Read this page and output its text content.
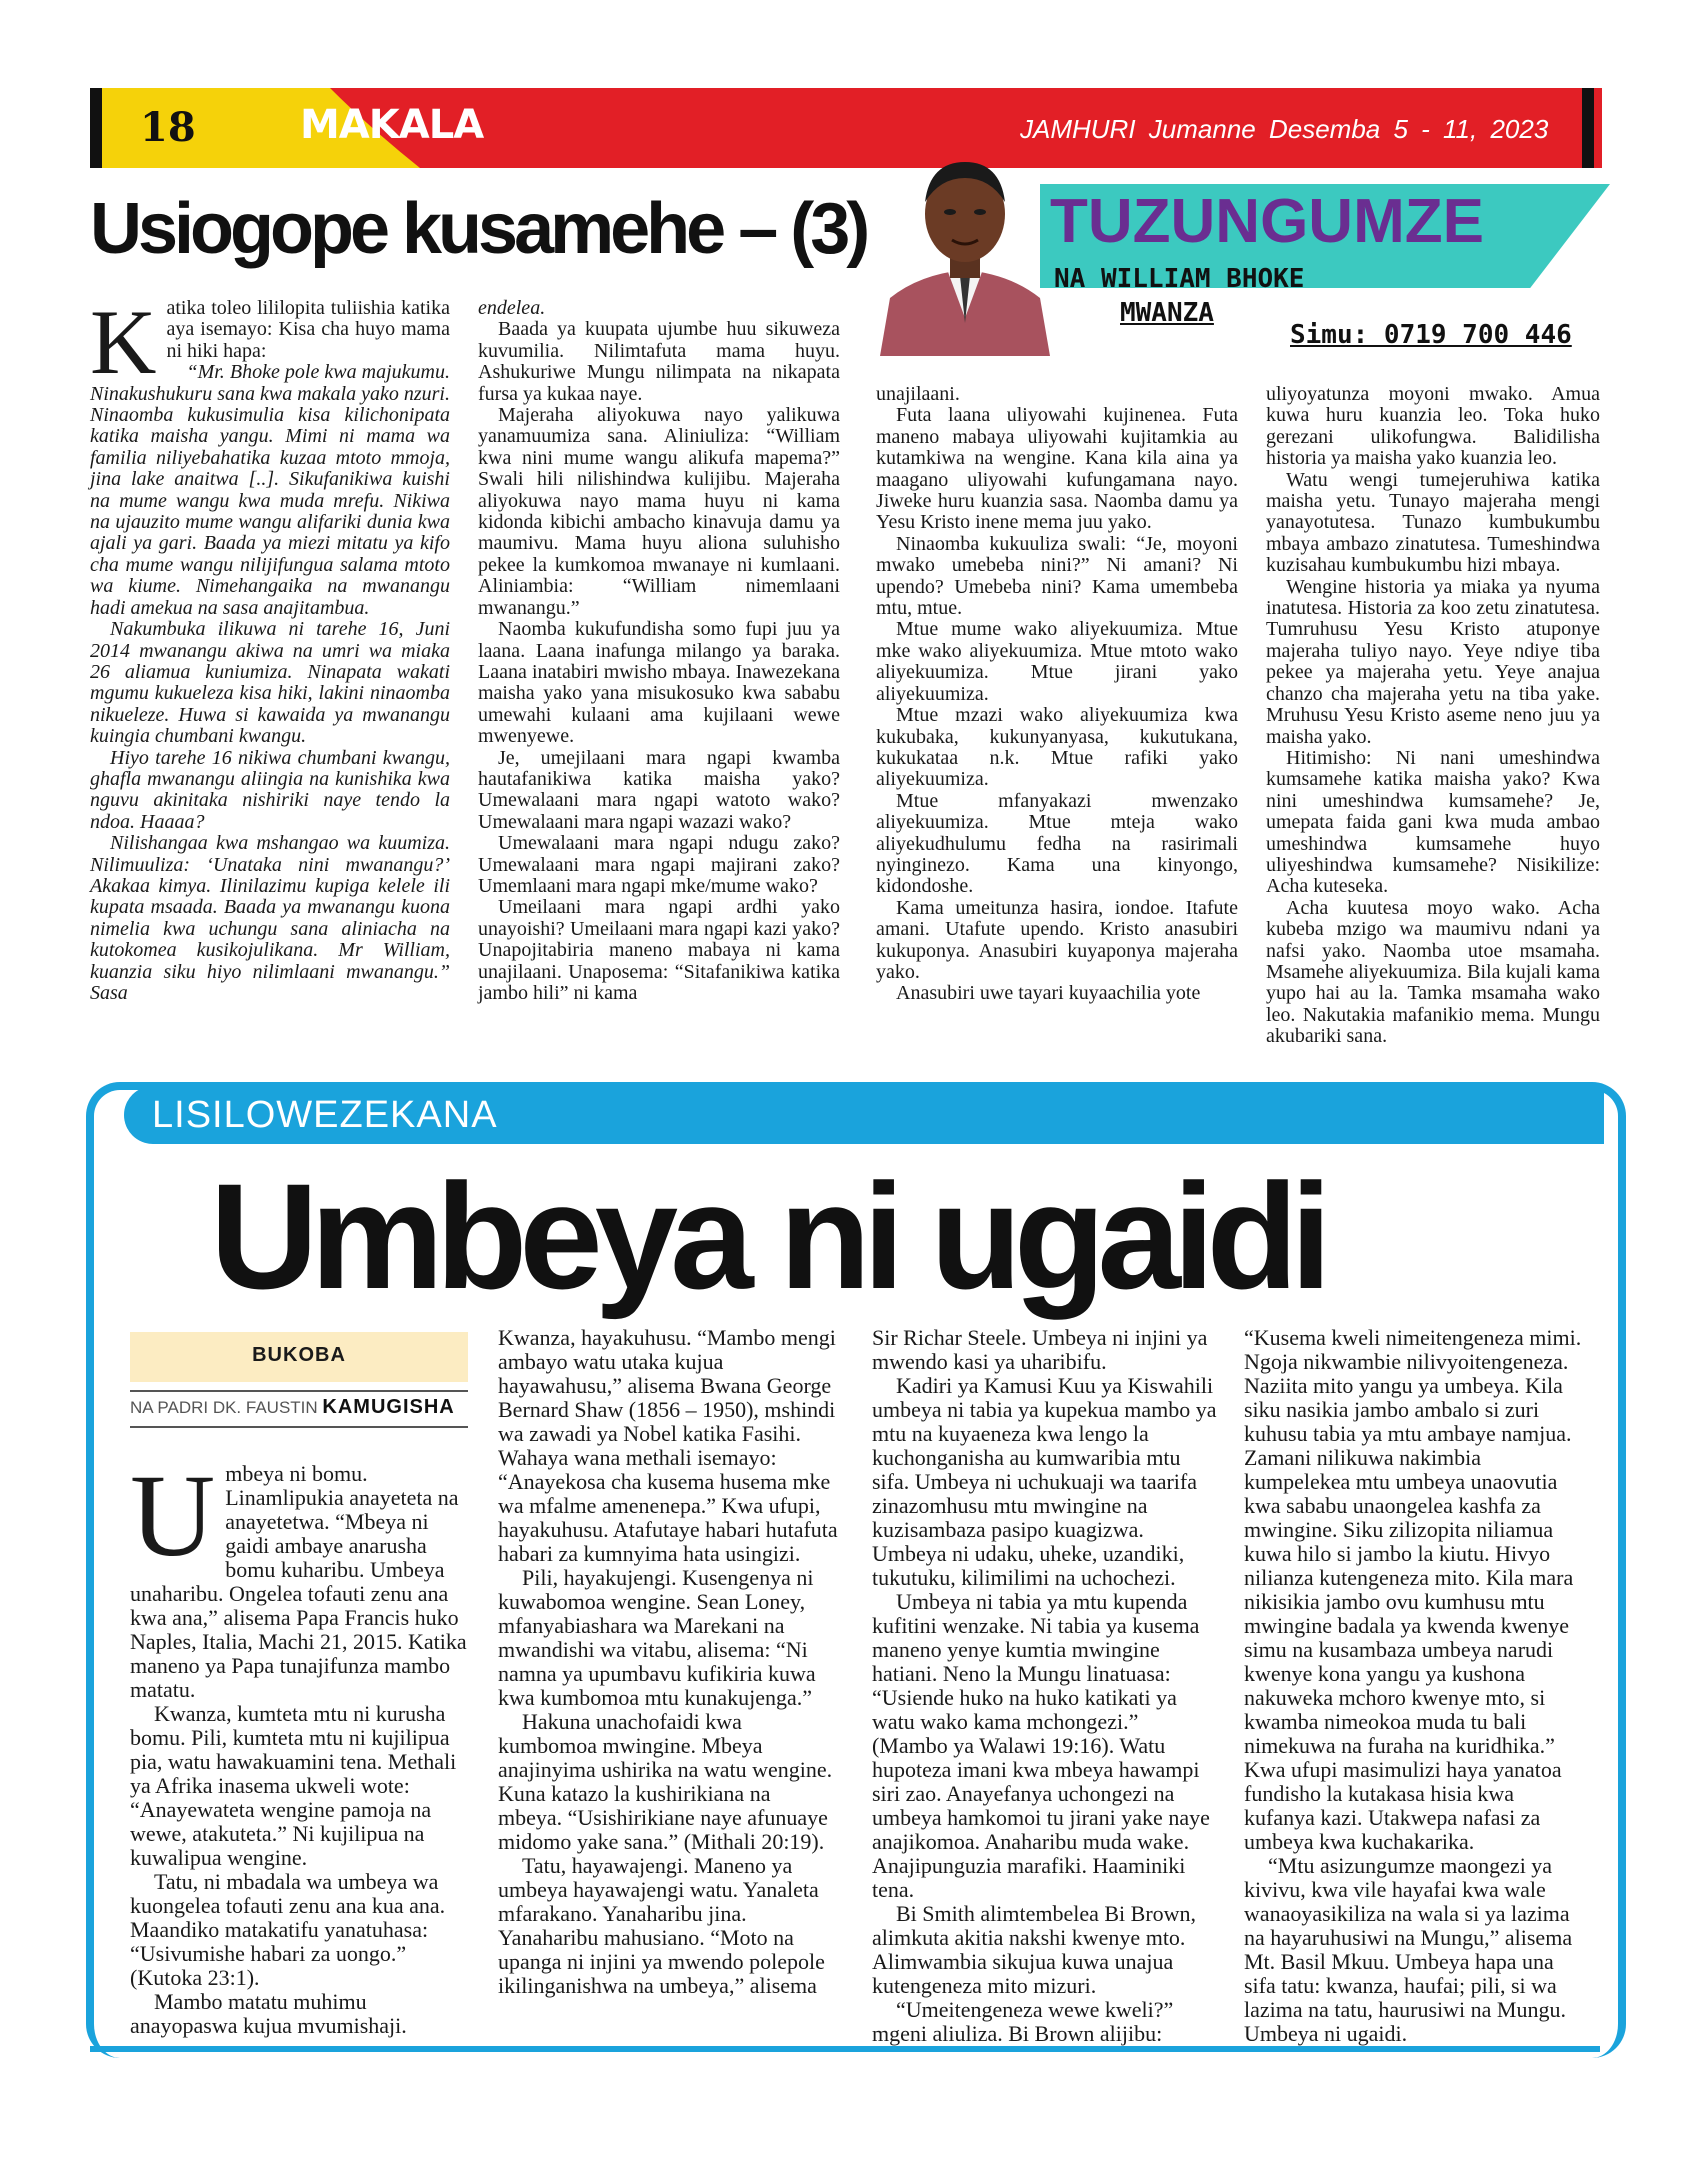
18	MAKALA	JAMHURI Jumanne Desemba 5 - 11, 2023
Usiogope kusamehe – (3)	TUZUNGUMZE
NA WILLIAM BHOKE
MWANZA
Simu: 0719 700 446
K atika toleo lililopita tuliishia katika aya isemayo: Kisa cha huyo mama ni hiki hapa:

“Mr. Bhoke pole kwa majukumu. Ninakushukuru sana kwa makala yako nzuri. Ninaomba kukusimulia kisa kilichonipata katika maisha yangu. Mimi ni mama wa familia niliyebahatika kuzaa mtoto mmoja, jina lake anaitwa [..]. Sikufanikiwa kuishi na mume wangu kwa muda mrefu. Nikiwa na ujauzito mume wangu alifariki dunia kwa ajali ya gari. Baada ya miezi mitatu ya kifo cha mume wangu nilijifungua salama mtoto wa kiume. Nimehangaika na mwanangu hadi amekua na sasa anajitambua.

Nakumbuka ilikuwa ni tarehe 16, Juni 2014 mwanangu akiwa na umri wa miaka 26 aliamua kuniumiza. Ninapata wakati mgumu kukueleza kisa hiki, lakini ninaomba nikueleze. Huwa si kawaida ya mwanangu kuingia chumbani kwangu.

Hiyo tarehe 16 nikiwa chumbani kwangu, ghafla mwanangu aliingia na kunishika kwa nguvu akinitaka nishiriki naye tendo la ndoa. Haaaa?

Nilishangaa kwa mshangao wa kuumiza. Nilimuuliza: ‘Unataka nini mwanangu?’ Akakaa kimya. Ilinilazimu kupiga kelele ili kupata msaada. Baada ya mwanangu kuona nimelia kwa uchungu sana aliniacha na kutokomea kusikojulikana. Mr William, kuanzia siku hiyo nilimlaani mwanangu.” Sasa

endelea.

Baada ya kuupata ujumbe huu sikuweza kuvumilia. Nilimtafuta mama huyu. Ashukuriwe Mungu nilimpata na nikapata fursa ya kukaa naye.

Majeraha aliyokuwa nayo yalikuwa yanamuumiza sana. Aliniuliza: “William kwa nini mume wangu alikufa mapema?” Swali hili nilishindwa kulijibu. Majeraha aliyokuwa nayo mama huyu ni kama kidonda kibichi ambacho kinavuja damu ya maumivu. Mama huyu aliona suluhisho pekee la kumkomoa mwanaye ni kumlaani. Aliniambia: “William nimemlaani mwanangu.”

Naomba kukufundisha somo fupi juu ya laana. Laana inafunga milango ya baraka. Laana inatabiri mwisho mbaya. Inawezekana maisha yako yana misukosuko kwa sababu umewahi kulaani ama kujilaani wewe mwenyewe.

Je, umejilaani mara ngapi kwamba hautafanikiwa katika maisha yako? Umewalaani mara ngapi watoto wako? Umewalaani mara ngapi wazazi wako?

Umewalaani mara ngapi ndugu zako? Umewalaani mara ngapi majirani zako? Umemlaani mara ngapi mke/mume wako?

Umeilaani mara ngapi ardhi yako unayoishi? Umeilaani mara ngapi kazi yako? Unapojitabiria maneno mabaya ni kama unajilaani. Unaposema: “Sitafanikiwa katika jambo hili” ni kama

unajilaani.

Futa laana uliyowahi kujinenea. Futa maneno mabaya uliyowahi kujitamkia au kutamkiwa na wengine. Kana kila aina ya maagano uliyowahi kufungamana nayo. Jiweke huru kuanzia sasa. Naomba damu ya Yesu Kristo inene mema juu yako.

Ninaomba kukuuliza swali: “Je, moyoni mwako umebeba nini?” Ni amani? Ni upendo? Umebeba nini? Kama umembeba mtu, mtue.

Mtue mume wako aliyekuumiza. Mtue mke wako aliyekuumiza. Mtue mtoto wako aliyekuumiza. Mtue jirani yako aliyekuumiza.

Mtue mzazi wako aliyekuumiza kwa kukubaka, kukunyanyasa, kukutukana, kukukataa n.k. Mtue rafiki yako aliyekuumiza.

Mtue mfanyakazi mwenzako aliyekuumiza. Mtue mteja wako aliyekudhulumu fedha na rasirimali nyinginezo. Kama una kinyongo, kidondoshe.

Kama umeitunza hasira, iondoe. Itafute amani. Utafute upendo. Kristo anasubiri kukuponya. Anasubiri kuyaponya majeraha yako.

Anasubiri uwe tayari kuyaachilia yote

uliyoyatunza moyoni mwako. Amua kuwa huru kuanzia leo. Toka huko gerezani ulikofungwa. Balidilisha historia ya maisha yako kuanzia leo.

Watu wengi tumejeruhiwa katika maisha yetu. Tunayo majeraha mengi yanayotutesa. Tunazo kumbukumbu mbaya ambazo zinatutesa. Tumeshindwa kuzisahau kumbukumbu hizi mbaya.

Wengine historia ya miaka ya nyuma inatutesa. Historia za koo zetu zinatutesa. Tumruhusu Yesu Kristo atuponye majeraha tuliyo nayo. Yeye ndiye tiba pekee ya majeraha yetu. Yeye anajua chanzo cha majeraha yetu na tiba yake. Mruhusu Yesu Kristo aseme neno juu ya maisha yako.

Hitimisho: Ni nani umeshindwa kumsamehe katika maisha yako? Kwa nini umeshindwa kumsamehe? Je, umepata faida gani kwa muda ambao umeshindwa kumsamehe huyo uliyeshindwa kumsamehe? Nisikilize: Acha kuteseka.

Acha kuutesa moyo wako. Acha kubeba mzigo wa maumivu ndani ya nafsi yako. Naomba utoe msamaha. Msamehe aliyekuumiza. Bila kujali kama yupo hai au la. Tamka msamaha wako leo. Nakutakia mafanikio mema. Mungu akubariki sana.

LISILOWEZEKANA
Umbeya ni ugaidi
BUKOBA
NA PADRI DK. FAUSTIN KAMUGISHA
U mbeya ni bomu. Linamlipukia anayeteta na anayetetwa. “Mbeya ni gaidi ambaye anarusha bomu kuharibu. Umbeya unaharibu. Ongelea tofauti zenu ana kwa ana,” alisema Papa Francis huko Naples, Italia, Machi 21, 2015. Katika maneno ya Papa tunajifunza mambo matatu.

Kwanza, kumteta mtu ni kurusha bomu. Pili, kumteta mtu ni kujilipua pia, watu hawakuamini tena. Methali ya Afrika inasema ukweli wote: “Anayewateta wengine pamoja na wewe, atakuteta.” Ni kujilipua na kuwalipua wengine.

Tatu, ni mbadala wa umbeya wa kuongelea tofauti zenu ana kua ana. Maandiko matakatifu yanatuhasa: “Usivumishe habari za uongo.” (Kutoka 23:1).

Mambo matatu muhimu anayopaswa kujua mvumishaji.

Kwanza, hayakuhusu. “Mambo mengi ambayo watu utaka kujua hayawahusu,” alisema Bwana George Bernard Shaw (1856 – 1950), mshindi wa zawadi ya Nobel katika Fasihi. Wahaya wana methali isemayo: “Anayekosa cha kusema husema mke wa mfalme amenenepa.” Kwa ufupi, hayakuhusu. Atafutaye habari hutafuta habari za kumnyima hata usingizi.

Pili, hayakujengi. Kusengenya ni kuwabomoa wengine. Sean Loney, mfanyabiashara wa Marekani na mwandishi wa vitabu, alisema: “Ni namna ya upumbavu kufikiria kuwa kwa kumbomoa mtu kunakujenga.”

Hakuna unachofaidi kwa kumbomoa mwingine. Mbeya anajinyima ushirika na watu wengine. Kuna katazo la kushirikiana na mbeya. “Usishirikiane naye afunuaye midomo yake sana.” (Mithali 20:19).

Tatu, hayawajengi. Maneno ya umbeya hayawajengi watu. Yanaleta mfarakano. Yanaharibu jina. Yanaharibu mahusiano. “Moto na upanga ni injini ya mwendo polepole ikilinganishwa na umbeya,” alisema

Sir Richar Steele. Umbeya ni injini ya mwendo kasi ya uharibifu.

Kadiri ya Kamusi Kuu ya Kiswahili umbeya ni tabia ya kupekua mambo ya mtu na kuyaeneza kwa lengo la kuchonganisha au kumwaribia mtu sifa. Umbeya ni uchukuaji wa taarifa zinazomhusu mtu mwingine na kuzisambaza pasipo kuagizwa. Umbeya ni udaku, uheke, uzandiki, tukutuku, kilimilimi na uchochezi.

Umbeya ni tabia ya mtu kupenda kufitini wenzake. Ni tabia ya kusema maneno yenye kumtia mwingine hatiani. Neno la Mungu linatuasa: “Usiende huko na huko katikati ya watu wako kama mchongezi.” (Mambo ya Walawi 19:16). Watu hupoteza imani kwa mbeya hawampi siri zao. Anayefanya uchongezi na umbeya hamkomoi tu jirani yake naye anajikomoa. Anaharibu muda wake. Anajipunguzia marafiki. Haaminiki tena.

Bi Smith alimtembelea Bi Brown, alimkuta akitia nakshi kwenye mto. Alimwambia sikujua kuwa unajua kutengeneza mito mizuri.

“Umeitengeneza wewe kweli?” mgeni aliuliza. Bi Brown alijibu:

“Kusema kweli nimeitengeneza mimi. Ngoja nikwambie nilivyoitengeneza. Naziita mito yangu ya umbeya. Kila siku nasikia jambo ambalo si zuri kuhusu tabia ya mtu ambaye namjua. Zamani nilikuwa nakimbia kumpelekea mtu umbeya unaovutia kwa sababu unaongelea kashfa za mwingine. Siku zilizopita niliamua kuwa hilo si jambo la kiutu. Hivyo nilianza kutengeneza mito. Kila mara nikisikia jambo ovu kumhusu mtu mwingine badala ya kwenda kwenye simu na kusambaza umbeya narudi kwenye kona yangu ya kushona nakuweka mchoro kwenye mto, si kwamba nimeokoa muda tu bali nimekuwa na furaha na kuridhika.” Kwa ufupi masimulizi haya yanatoa fundisho la kutakasa hisia kwa kufanya kazi. Utakwepa nafasi za umbeya kwa kuchakarika.

“Mtu asizungumze maongezi ya kivivu, kwa vile hayafai kwa wale wanaoyasikiliza na wala si ya lazima na hayaruhusiwi na Mungu,” alisema Mt. Basil Mkuu. Umbeya hapa una sifa tatu: kwanza, haufai; pili, si wa lazima na tatu, haurusiwi na Mungu. Umbeya ni ugaidi.
